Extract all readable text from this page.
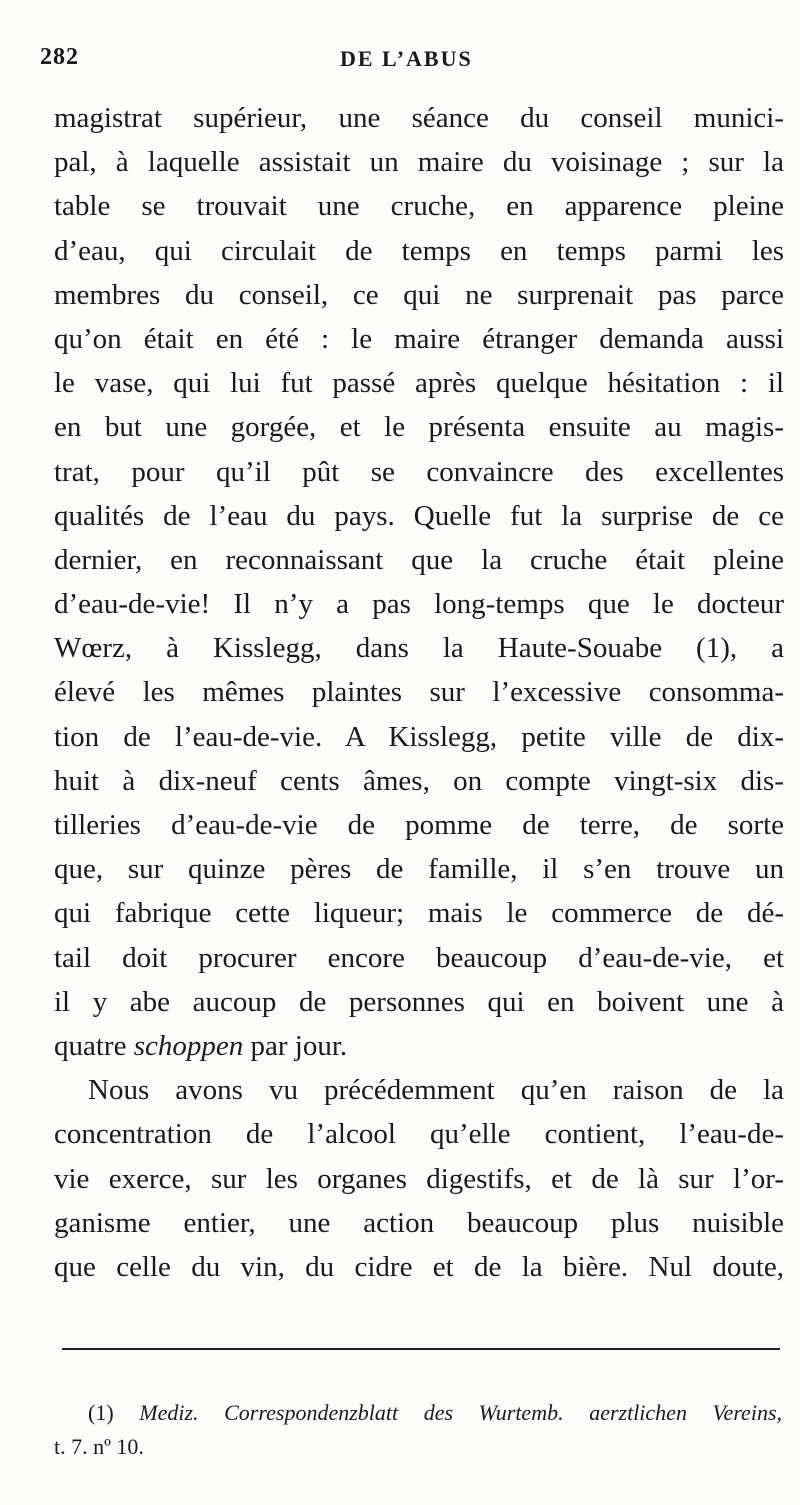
282	DE L’ABUS
magistrat supérieur, une séance du conseil munici-
pal, à laquelle assistait un maire du voisinage ; sur la
table se trouvait une cruche, en apparence pleine
d’eau, qui circulait de temps en temps parmi les
membres du conseil, ce qui ne surprenait pas parce
qu’on était en été : le maire étranger demanda aussi
le vase, qui lui fut passé après quelque hésitation : il
en but une gorgée, et le présenta ensuite au magis-
trat, pour qu’il pût se convaincre des excellentes
qualités de l’eau du pays. Quelle fut la surprise de ce
dernier, en reconnaissant que la cruche était pleine
d’eau-de-vie! Il n’y a pas long-temps que le docteur
Wœrz, à Kisslegg, dans la Haute-Souabe (1), a
élevé les mêmes plaintes sur l’excessive consomma-
tion de l’eau-de-vie. A Kisslegg, petite ville de dix-
huit à dix-neuf cents âmes, on compte vingt-six dis-
tilleries d’eau-de-vie de pomme de terre, de sorte
que, sur quinze pères de famille, il s’en trouve un
qui fabrique cette liqueur; mais le commerce de dé-
tail doit procurer encore beaucoup d’eau-de-vie, et
il y abe aucoup de personnes qui en boivent une à
quatre schoppen par jour.
Nous avons vu précédemment qu’en raison de la
concentration de l’alcool qu’elle contient, l’eau-de-
vie exerce, sur les organes digestifs, et de là sur l’or-
ganisme entier, une action beaucoup plus nuisible
que celle du vin, du cidre et de la bière. Nul doute,
(1) Mediz. Correspondenzblatt des Wurtemb. aerztlichen Vereins,
t. 7. nº 10.
